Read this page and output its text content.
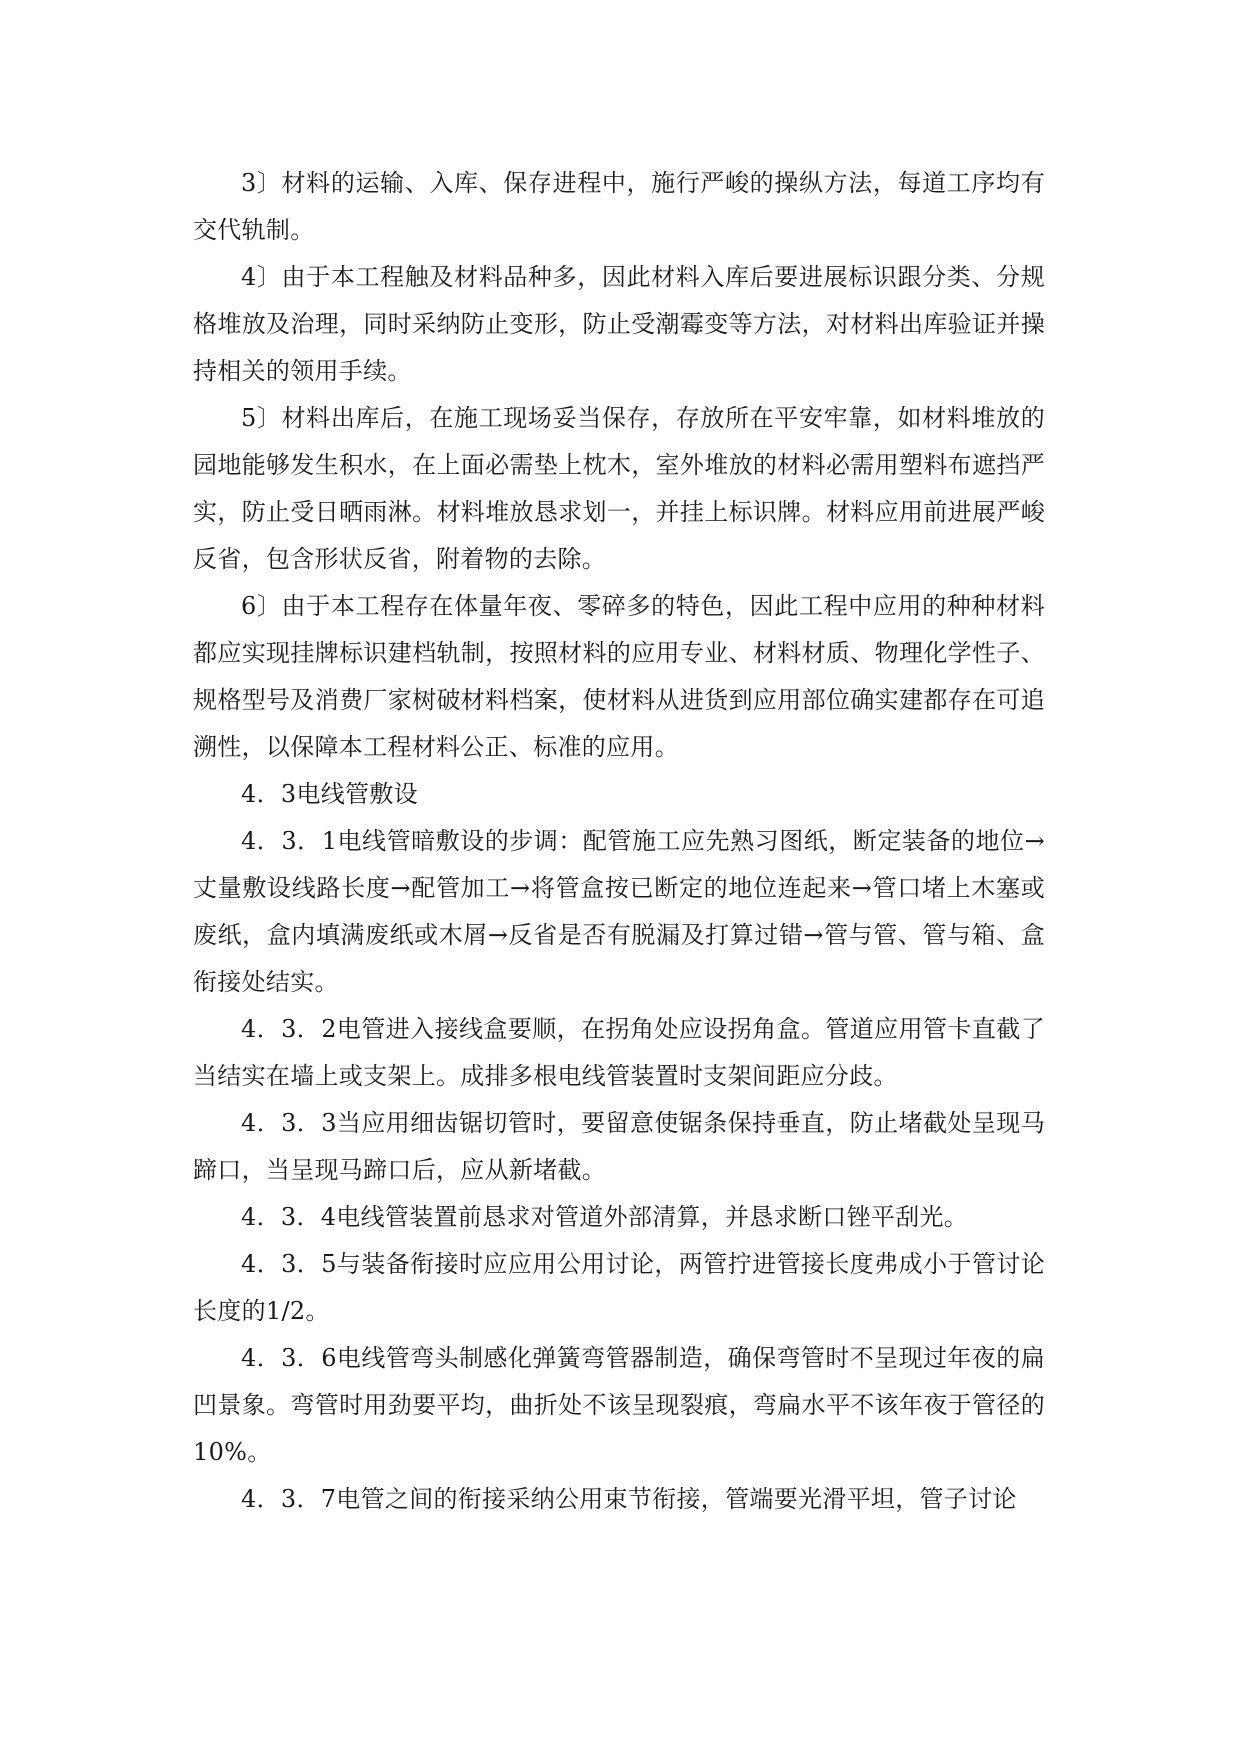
3〕材料的运输、入库、保存进程中，施行严峻的操纵方法，每道工序均有交代轨制。

4〕由于本工程触及材料品种多，因此材料入库后要进展标识跟分类、分规格堆放及治理，同时采纳防止变形，防止受潮霉变等方法，对材料出库验证并操持相关的领用手续。

5〕材料出库后，在施工现场妥当保存，存放所在平安牢靠，如材料堆放的园地能够发生积水，在上面必需垫上枕木，室外堆放的材料必需用塑料布遮挡严实，防止受日晒雨淋。材料堆放恳求划一，并挂上标识牌。材料应用前进展严峻反省，包含形状反省，附着物的去除。

6〕由于本工程存在体量年夜、零碎多的特色，因此工程中应用的种种材料都应实现挂牌标识建档轨制，按照材料的应用专业、材料材质、物理化学性子、规格型号及消费厂家树破材料档案，使材料从进货到应用部位确实建都存在可追溯性，以保障本工程材料公正、标准的应用。

4．3电线管敷设

4．3．1电线管暗敷设的步调：配管施工应先熟习图纸，断定装备的地位→丈量敷设线路长度→配管加工→将管盒按已断定的地位连起来→管口堵上木塞或废纸，盒内填满废纸或木屑→反省是否有脱漏及打算过错→管与管、管与箱、盒衔接处结实。

4．3．2电管进入接线盒要顺，在拐角处应设拐角盒。管道应用管卡直截了当结实在墙上或支架上。成排多根电线管装置时支架间距应分歧。

4．3．3当应用细齿锯切管时，要留意使锯条保持垂直，防止堵截处呈现马蹄口，当呈现马蹄口后，应从新堵截。

4．3．4电线管装置前恳求对管道外部清算，并恳求断口锉平刮光。

4．3．5与装备衔接时应应用公用讨论，两管拧进管接长度弗成小于管讨论长度的1/2。

4．3．6电线管弯头制感化弹簧弯管器制造，确保弯管时不呈现过年夜的扁凹景象。弯管时用劲要平均，曲折处不该呈现裂痕，弯扁水平不该年夜于管径的10%。

4．3．7电管之间的衔接采纳公用束节衔接，管端要光滑平坦，管子讨论
